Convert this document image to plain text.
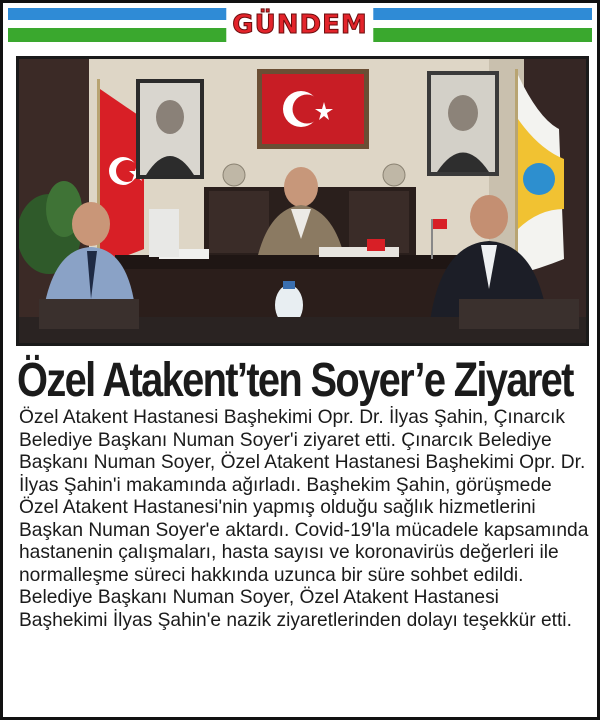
GÜNDEM
Özel Atakent’ten Soyer’e Ziyaret

Özel Atakent Hastanesi Başhekimi Opr. Dr. İlyas Şahin, Çınarcık Belediye Başkanı Numan Soyer'i ziyaret etti. Çınarcık Belediye Başkanı Numan Soyer, Özel Atakent Hastanesi Başhekimi Opr. Dr. İlyas Şahin'i makamında ağırladı. Başhekim Şahin, görüşmede Özel Atakent Hastanesi'nin yapmış olduğu sağlık hizmetlerini Başkan Numan Soyer'e aktardı. Covid-19'la mücadele kapsamında hastanenin çalışmaları, hasta sayısı ve koronavirüs değerleri ile normalleşme süreci hakkında uzunca bir süre sohbet edildi.

Belediye Başkanı Numan Soyer, Özel Atakent Hastanesi Başhekimi İlyas Şahin'e nazik ziyaretlerinden dolayı teşekkür etti.
